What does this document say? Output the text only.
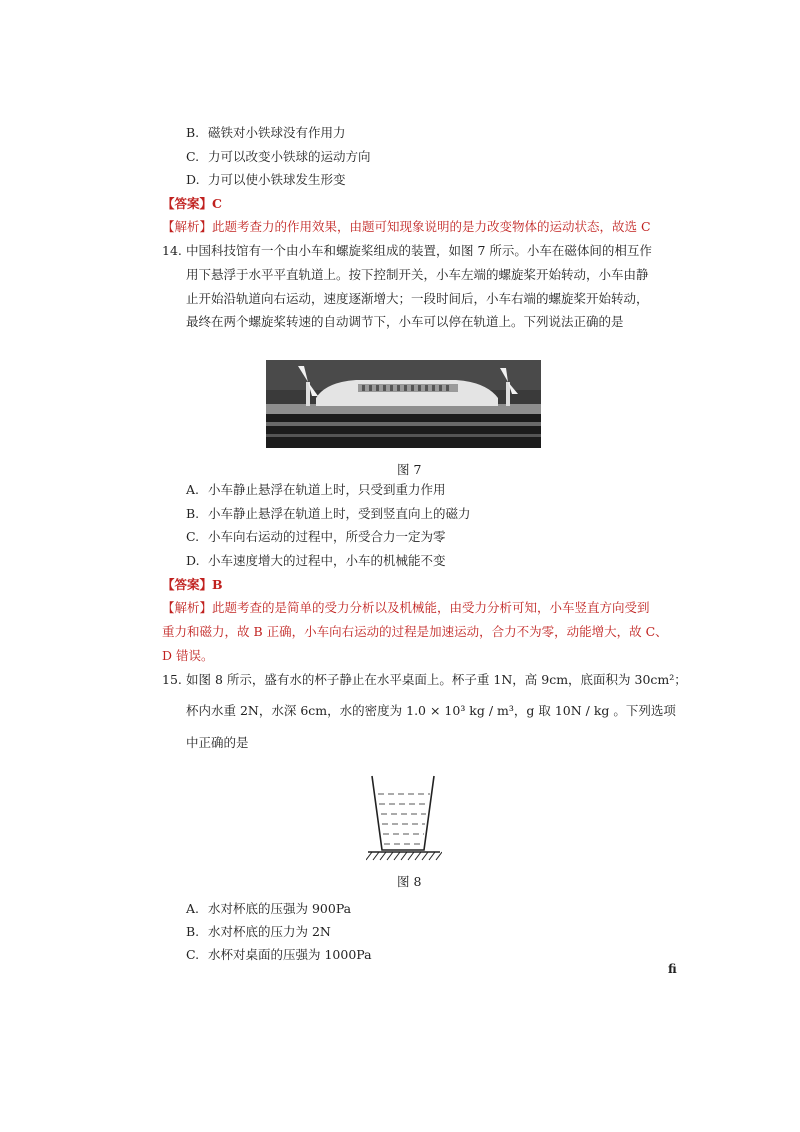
B. 磁铁对小铁球没有作用力
C. 力可以改变小铁球的运动方向
D. 力可以使小铁球发生形变
【答案】C
【解析】此题考查力的作用效果，由题可知现象说明的是力改变物体的运动状态，故选 C
14. 中国科技馆有一个由小车和螺旋桨组成的装置，如图 7 所示。小车在磁体间的相互作
用下悬浮于水平平直轨道上。按下控制开关，小车左端的螺旋桨开始转动，小车由静
止开始沿轨道向右运动，速度逐渐增大；一段时间后，小车右端的螺旋桨开始转动，
最终在两个螺旋桨转速的自动调节下，小车可以停在轨道上。下列说法正确的是
图 7
A. 小车静止悬浮在轨道上时，只受到重力作用
B. 小车静止悬浮在轨道上时，受到竖直向上的磁力
C. 小车向右运动的过程中，所受合力一定为零
D. 小车速度增大的过程中，小车的机械能不变
【答案】B
【解析】此题考查的是简单的受力分析以及机械能，由受力分析可知，小车竖直方向受到
重力和磁力，故 B 正确，小车向右运动的过程是加速运动，合力不为零，动能增大，故 C、
D 错误。
15. 如图 8 所示，盛有水的杯子静止在水平桌面上。杯子重 1N，高 9cm，底面积为 30cm²；
杯内水重 2N，水深 6cm，水的密度为 1.0 × 10³ kg / m³，g 取 10N / kg 。下列选项
中正确的是
图 8
A. 水对杯底的压强为 900Pa
B. 水对杯底的压力为 2N
C. 水杯对桌面的压强为 1000Pa
fi
